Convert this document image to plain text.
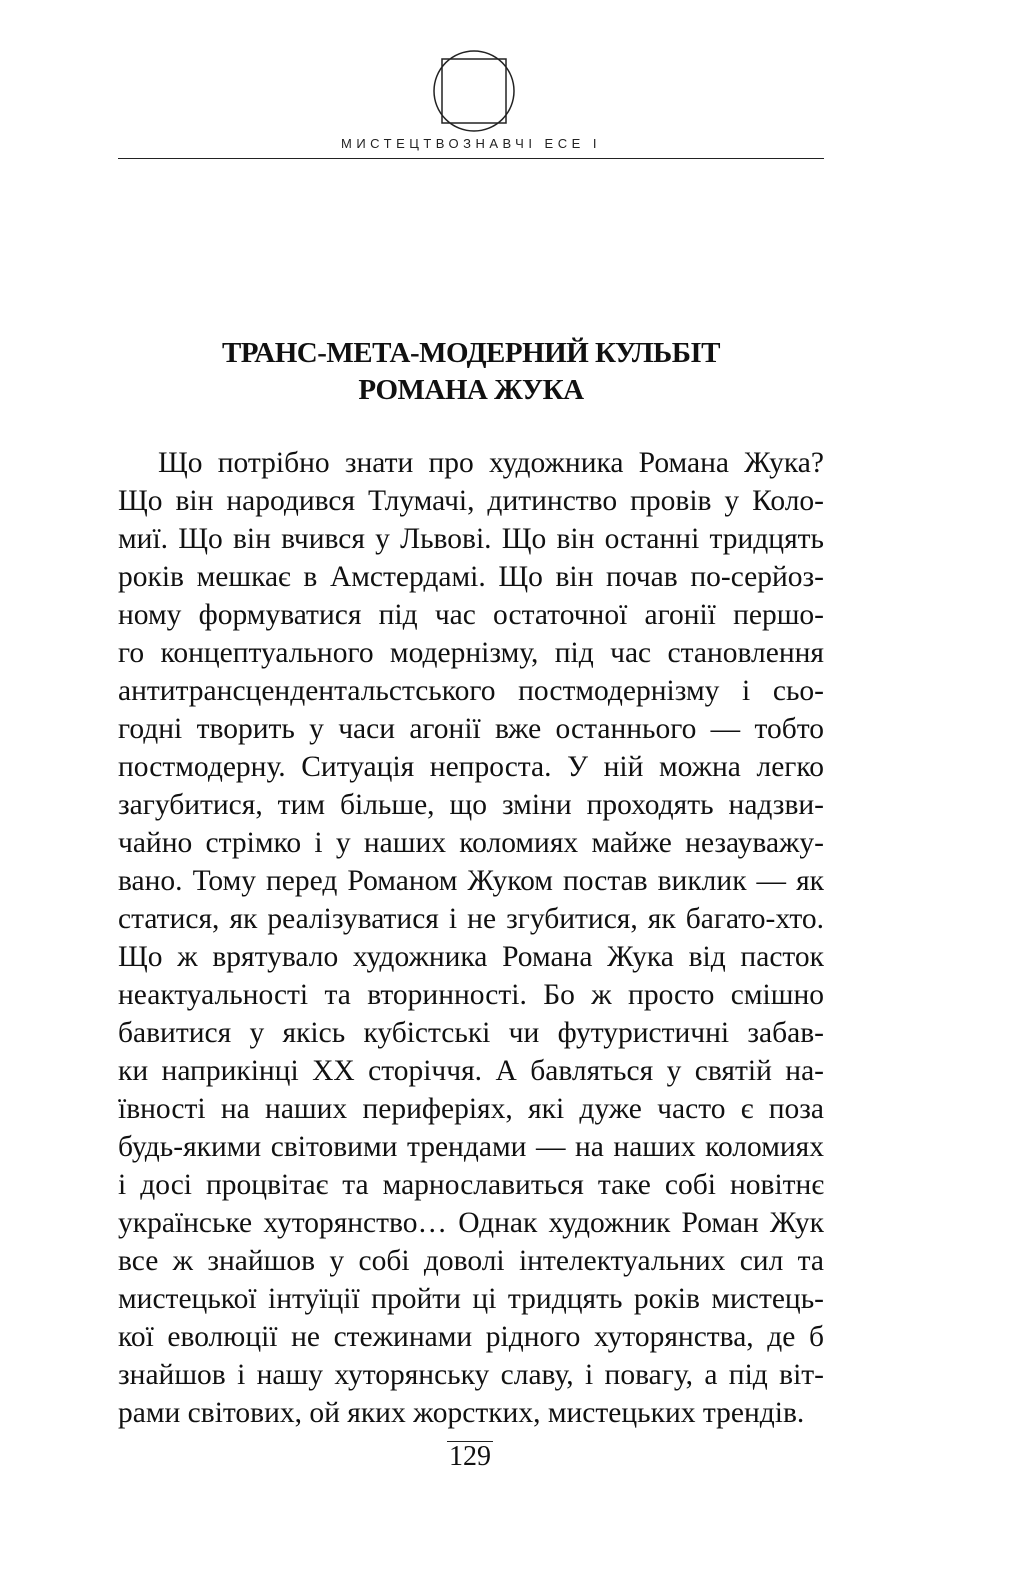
МИСТЕЦТВОЗНАВЧІ ЕСЕ І
ТРАНС-МЕТА-МОДЕРНИЙ КУЛЬБІТ
РОМАНА ЖУКА
Що потрібно знати про художника Романа Жука?
Що він народився Тлумачі, дитинство провів у Коло-
миї. Що він вчився у Львові. Що він останні тридцять
років мешкає в Амстердамі. Що він почав по-серйоз-
ному формуватися під час остаточної агонії першо-
го концептуального модернізму, під час становлення
антитрансцендентальстського постмодернізму і сьо-
годні творить у часи агонії вже останнього — тобто
постмодерну. Ситуація непроста. У ній можна легко
загубитися, тим більше, що зміни проходять надзви-
чайно стрімко і у наших коломиях майже незауважу-
вано. Тому перед Романом Жуком постав виклик — як
статися, як реалізуватися і не згубитися, як багато-хто.
Що ж врятувало художника Романа Жука від пасток
неактуальності та вторинності. Бо ж просто смішно
бавитися у якісь кубістські чи футуристичні забав-
ки наприкінці ХХ сторіччя. А бавляться у святій на-
ївності на наших периферіях, які дуже часто є поза
будь-якими світовими трендами — на наших коломиях
і досі процвітає та марнославиться таке собі новітнє
українське хуторянство… Однак художник Роман Жук
все ж знайшов у собі доволі інтелектуальних сил та
мистецької інтуїції пройти ці тридцять років мистець-
кої еволюції не стежинами рідного хуторянства, де б
знайшов і нашу хуторянську славу, і повагу, а під віт-
рами світових, ой яких жорстких, мистецьких трендів.
129
